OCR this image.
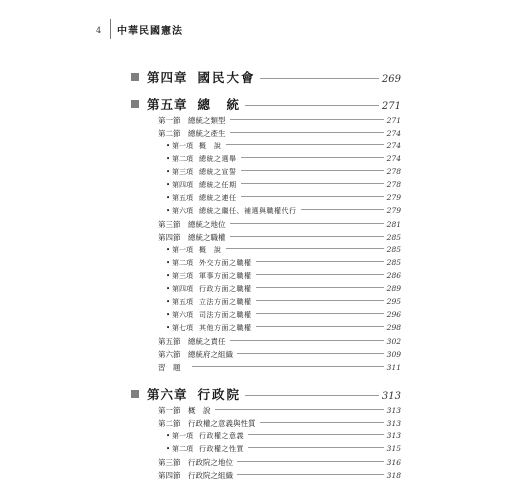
4 中華民國憲法
第四章 國民大會	269
第五章 總　統	271
第一節	總統之類型	271
第二節	總統之產生	274
• 第一項 概　說	274
• 第二項 總統之選舉	274
• 第三項 總統之宣誓	278
• 第四項 總統之任期	278
• 第五項 總統之連任	279
• 第六項 總統之繼任、補選與職權代行	279
第三節	總統之地位	281
第四節	總統之職權	285
• 第一項 概　說	285
• 第二項 外交方面之職權	285
• 第三項 軍事方面之職權	286
• 第四項 行政方面之職權	289
• 第五項 立法方面之職權	295
• 第六項 司法方面之職權	296
• 第七項 其他方面之職權	298
第五節	總統之責任	302
第六節	總統府之組織	309
習　題	311
第六章 行政院	313
第一節	概　說	313
第二節	行政權之意義與性質	313
• 第一項 行政權之意義	313
• 第二項 行政權之性質	315
第三節	行政院之地位	316
第四節	行政院之組織	318
